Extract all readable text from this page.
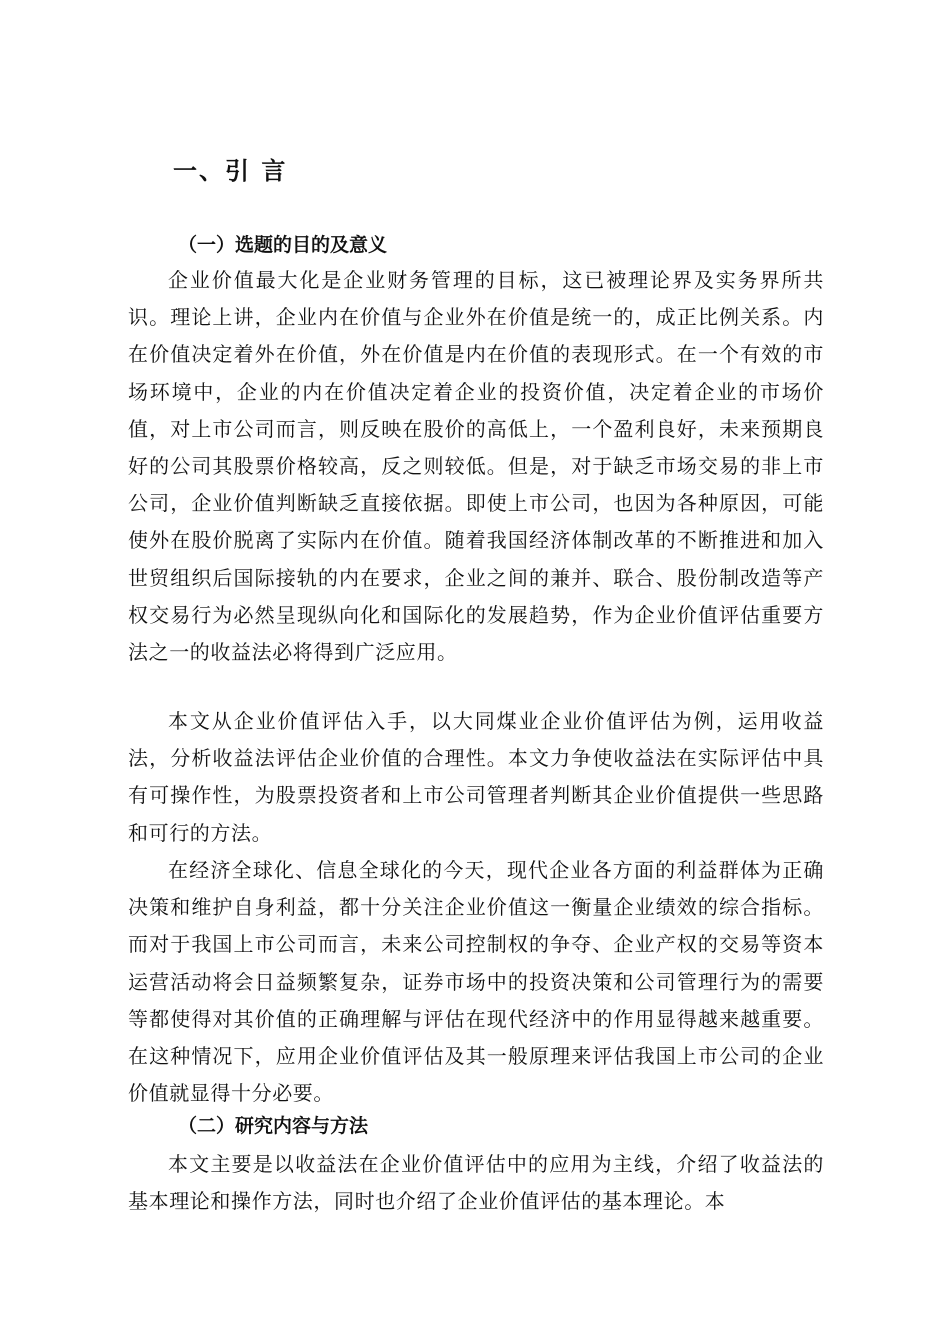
一、引 言
（一）选题的目的及意义

企业价值最大化是企业财务管理的目标，这已被理论界及实务界所共识。理论上讲，企业内在价值与企业外在价值是统一的，成正比例关系。内在价值决定着外在价值，外在价值是内在价值的表现形式。在一个有效的市场环境中，企业的内在价值决定着企业的投资价值，决定着企业的市场价值，对上市公司而言，则反映在股价的高低上，一个盈利良好，未来预期良好的公司其股票价格较高，反之则较低。但是，对于缺乏市场交易的非上市公司，企业价值判断缺乏直接依据。即使上市公司，也因为各种原因，可能使外在股价脱离了实际内在价值。随着我国经济体制改革的不断推进和加入世贸组织后国际接轨的内在要求，企业之间的兼并、联合、股份制改造等产权交易行为必然呈现纵向化和国际化的发展趋势，作为企业价值评估重要方法之一的收益法必将得到广泛应用。

本文从企业价值评估入手，以大同煤业企业价值评估为例，运用收益法，分析收益法评估企业价值的合理性。本文力争使收益法在实际评估中具有可操作性，为股票投资者和上市公司管理者判断其企业价值提供一些思路和可行的方法。

在经济全球化、信息全球化的今天，现代企业各方面的利益群体为正确决策和维护自身利益，都十分关注企业价值这一衡量企业绩效的综合指标。而对于我国上市公司而言，未来公司控制权的争夺、企业产权的交易等资本运营活动将会日益频繁复杂，证券市场中的投资决策和公司管理行为的需要等都使得对其价值的正确理解与评估在现代经济中的作用显得越来越重要。在这种情况下，应用企业价值评估及其一般原理来评估我国上市公司的企业价值就显得十分必要。

（二）研究内容与方法

本文主要是以收益法在企业价值评估中的应用为主线，介绍了收益法的基本理论和操作方法，同时也介绍了企业价值评估的基本理论。本
